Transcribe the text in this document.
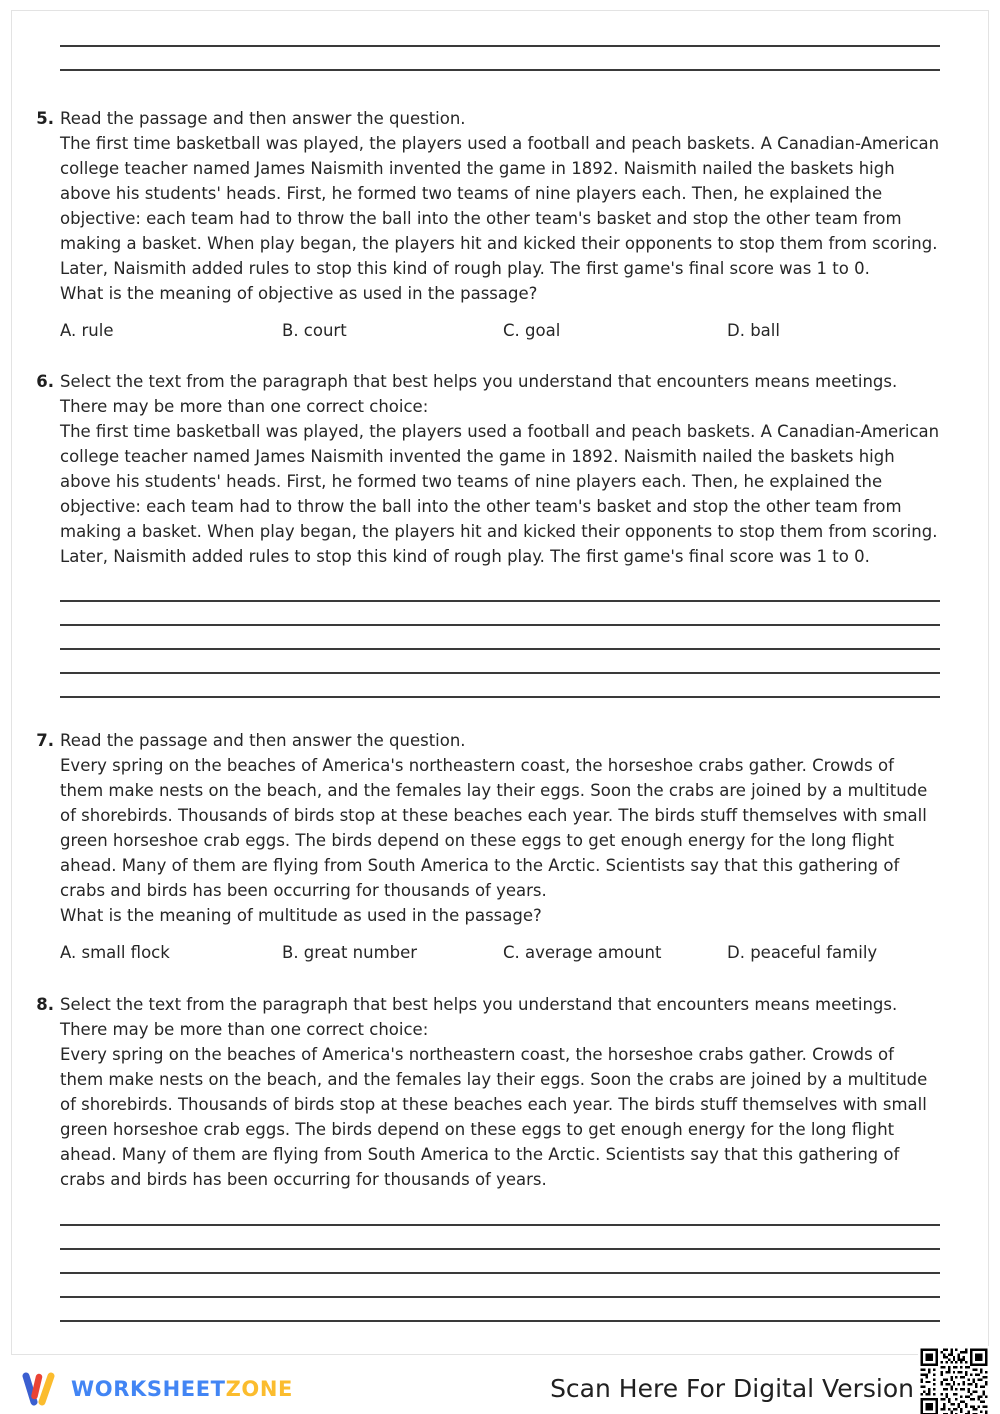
5. Read the passage and then answer the question.

The first time basketball was played, the players used a football and peach baskets. A Canadian-American college teacher named James Naismith invented the game in 1892. Naismith nailed the baskets high above his students' heads. First, he formed two teams of nine players each. Then, he explained the objective: each team had to throw the ball into the other team's basket and stop the other team from making a basket. When play began, the players hit and kicked their opponents to stop them from scoring. Later, Naismith added rules to stop this kind of rough play. The first game's final score was 1 to 0.

What is the meaning of objective as used in the passage?

A. rule	B. court	C. goal	D. ball
6. Select the text from the paragraph that best helps you understand that encounters means meetings. There may be more than one correct choice:

The first time basketball was played, the players used a football and peach baskets. A Canadian-American college teacher named James Naismith invented the game in 1892. Naismith nailed the baskets high above his students' heads. First, he formed two teams of nine players each. Then, he explained the objective: each team had to throw the ball into the other team's basket and stop the other team from making a basket. When play began, the players hit and kicked their opponents to stop them from scoring. Later, Naismith added rules to stop this kind of rough play. The first game's final score was 1 to 0.

7. Read the passage and then answer the question.

Every spring on the beaches of America's northeastern coast, the horseshoe crabs gather. Crowds of them make nests on the beach, and the females lay their eggs. Soon the crabs are joined by a multitude of shorebirds. Thousands of birds stop at these beaches each year. The birds stuff themselves with small green horseshoe crab eggs. The birds depend on these eggs to get enough energy for the long flight ahead. Many of them are flying from South America to the Arctic. Scientists say that this gathering of crabs and birds has been occurring for thousands of years.

What is the meaning of multitude as used in the passage?

A. small flock	B. great number	C. average amount	D. peaceful family
8. Select the text from the paragraph that best helps you understand that encounters means meetings. There may be more than one correct choice:

Every spring on the beaches of America's northeastern coast, the horseshoe crabs gather. Crowds of them make nests on the beach, and the females lay their eggs. Soon the crabs are joined by a multitude of shorebirds. Thousands of birds stop at these beaches each year. The birds stuff themselves with small green horseshoe crab eggs. The birds depend on these eggs to get enough energy for the long flight ahead. Many of them are flying from South America to the Arctic. Scientists say that this gathering of crabs and birds has been occurring for thousands of years.

WORKSHEETZONE	Scan Here For Digital Version
